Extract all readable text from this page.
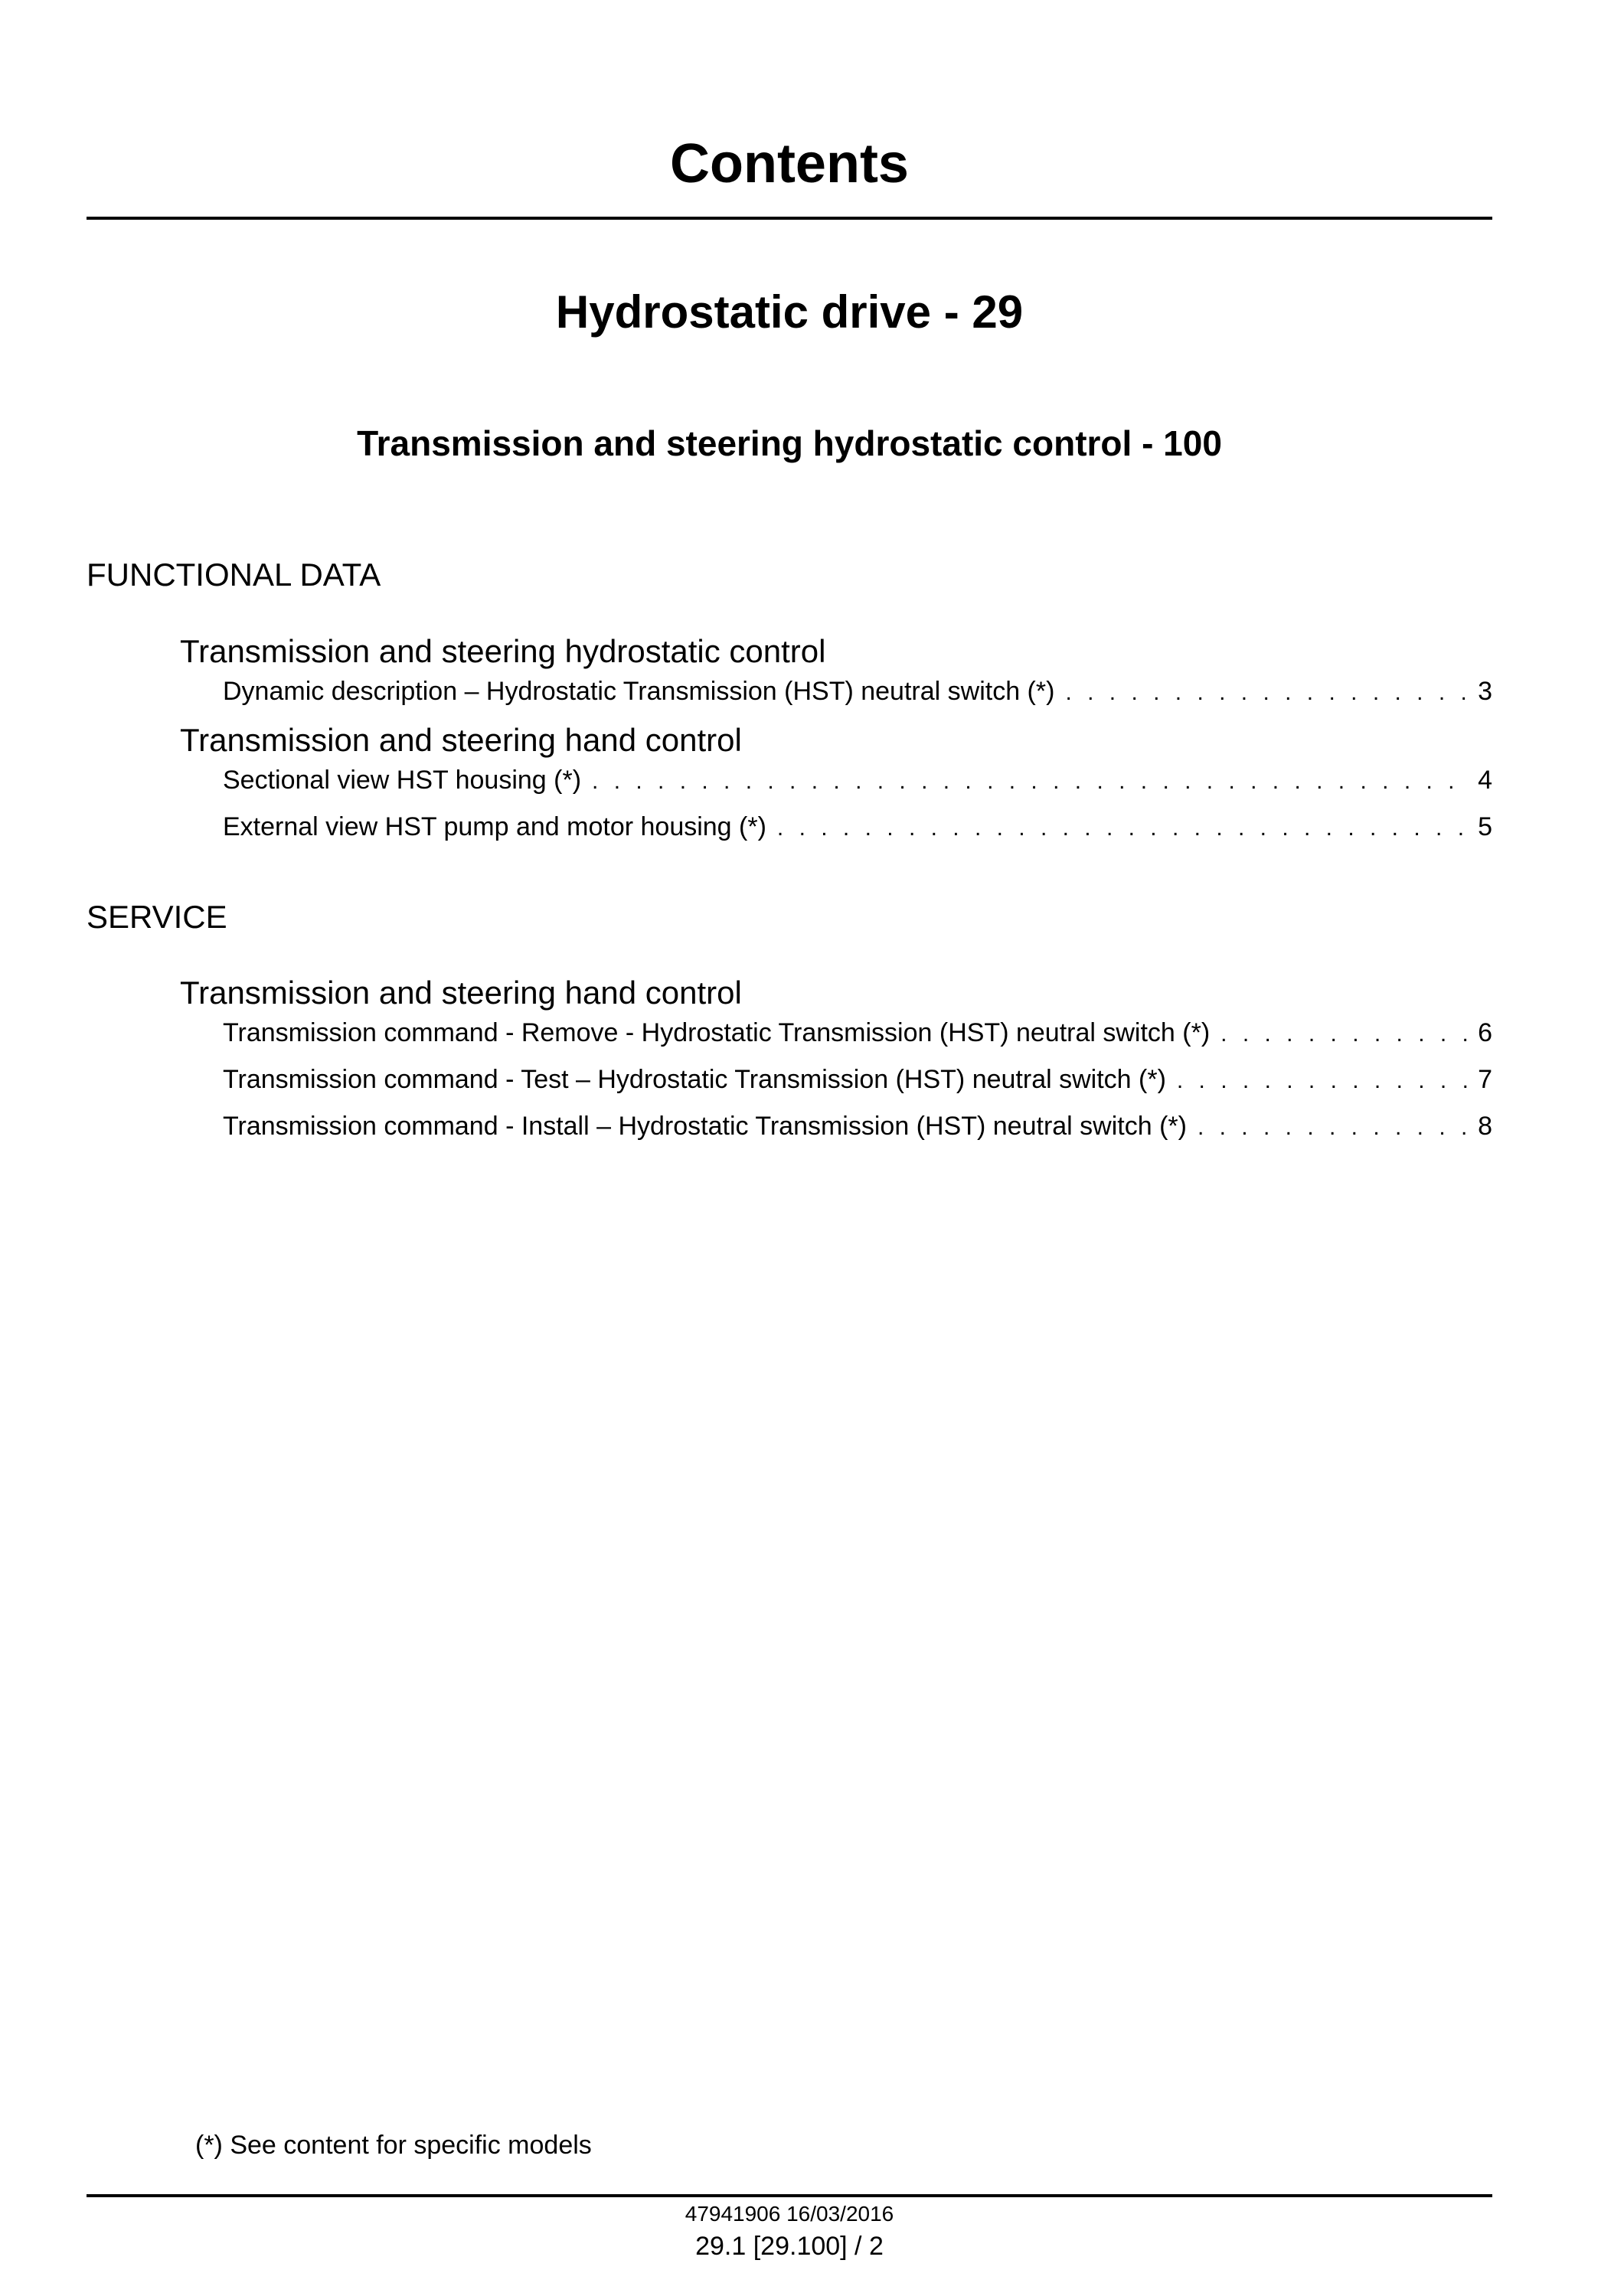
Contents
Hydrostatic drive - 29
Transmission and steering hydrostatic control - 100
FUNCTIONAL DATA
Transmission and steering hydrostatic control
Dynamic description – Hydrostatic Transmission (HST) neutral switch (*) . . .	3
Transmission and steering hand control
Sectional view HST housing (*) . . .	4
External view HST pump and motor housing (*) . . .	5
SERVICE
Transmission and steering hand control
Transmission command - Remove - Hydrostatic Transmission (HST) neutral switch (*) . . .	6
Transmission command - Test – Hydrostatic Transmission (HST) neutral switch (*) . . .	7
Transmission command - Install – Hydrostatic Transmission (HST) neutral switch (*) . . .	8
(*) See content for specific models
47941906 16/03/2016
29.1 [29.100] / 2
